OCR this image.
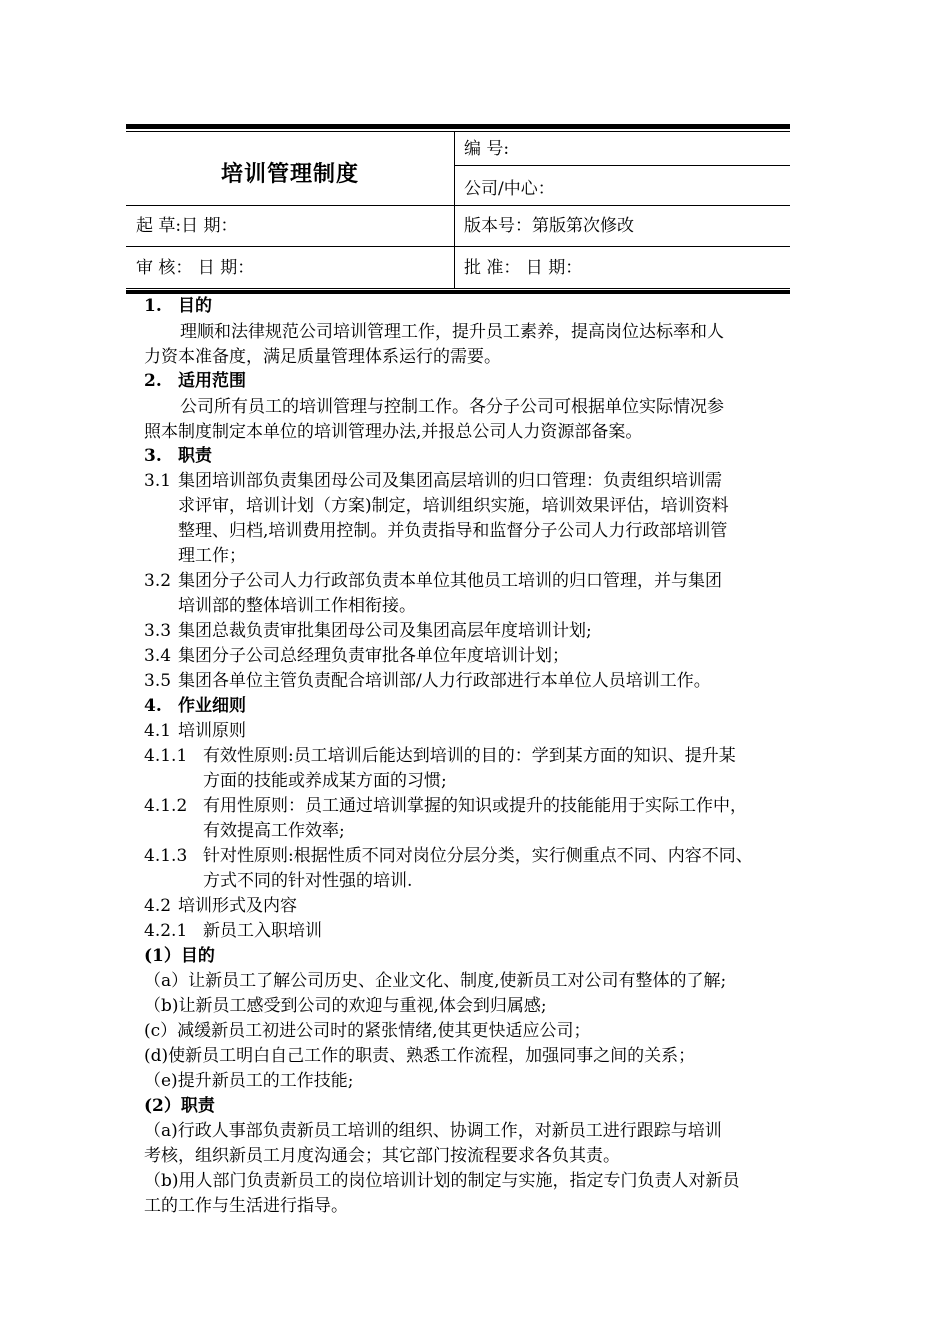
培训管理制度
编 号:
公司/中心：
起 草:日 期：	版本号：第版第次修改
审 核： 日 期：	批 准： 日 期：
1. 目的
理顺和法律规范公司培训管理工作，提升员工素养，提高岗位达标率和人
力资本准备度，满足质量管理体系运行的需要。
2. 适用范围
公司所有员工的培训管理与控制工作。各分子公司可根据单位实际情况参
照本制度制定本单位的培训管理办法,并报总公司人力资源部备案。
3. 职责
3.1 集团培训部负责集团母公司及集团高层培训的归口管理：负责组织培训需
求评审，培训计划（方案)制定，培训组织实施，培训效果评估，培训资料
整理、归档,培训费用控制。并负责指导和监督分子公司人力行政部培训管
理工作；
3.2 集团分子公司人力行政部负责本单位其他员工培训的归口管理，并与集团
培训部的整体培训工作相衔接。
3.3 集团总裁负责审批集团母公司及集团高层年度培训计划;
3.4 集团分子公司总经理负责审批各单位年度培训计划；
3.5 集团各单位主管负责配合培训部/人力行政部进行本单位人员培训工作。
4. 作业细则
4.1 培训原则
4.1.1 有效性原则:员工培训后能达到培训的目的：学到某方面的知识、提升某
方面的技能或养成某方面的习惯;
4.1.2 有用性原则：员工通过培训掌握的知识或提升的技能能用于实际工作中，
有效提高工作效率;
4.1.3 针对性原则:根据性质不同对岗位分层分类，实行侧重点不同、内容不同、
方式不同的针对性强的培训.
4.2 培训形式及内容
4.2.1 新员工入职培训
(1）目的
（a）让新员工了解公司历史、企业文化、制度,使新员工对公司有整体的了解;
（b)让新员工感受到公司的欢迎与重视,体会到归属感;
(c）减缓新员工初进公司时的紧张情绪,使其更快适应公司；
(d)使新员工明白自己工作的职责、熟悉工作流程，加强同事之间的关系；
（e)提升新员工的工作技能;
(2）职责
（a)行政人事部负责新员工培训的组织、协调工作，对新员工进行跟踪与培训
考核，组织新员工月度沟通会；其它部门按流程要求各负其责。
（b)用人部门负责新员工的岗位培训计划的制定与实施，指定专门负责人对新员
工的工作与生活进行指导。
